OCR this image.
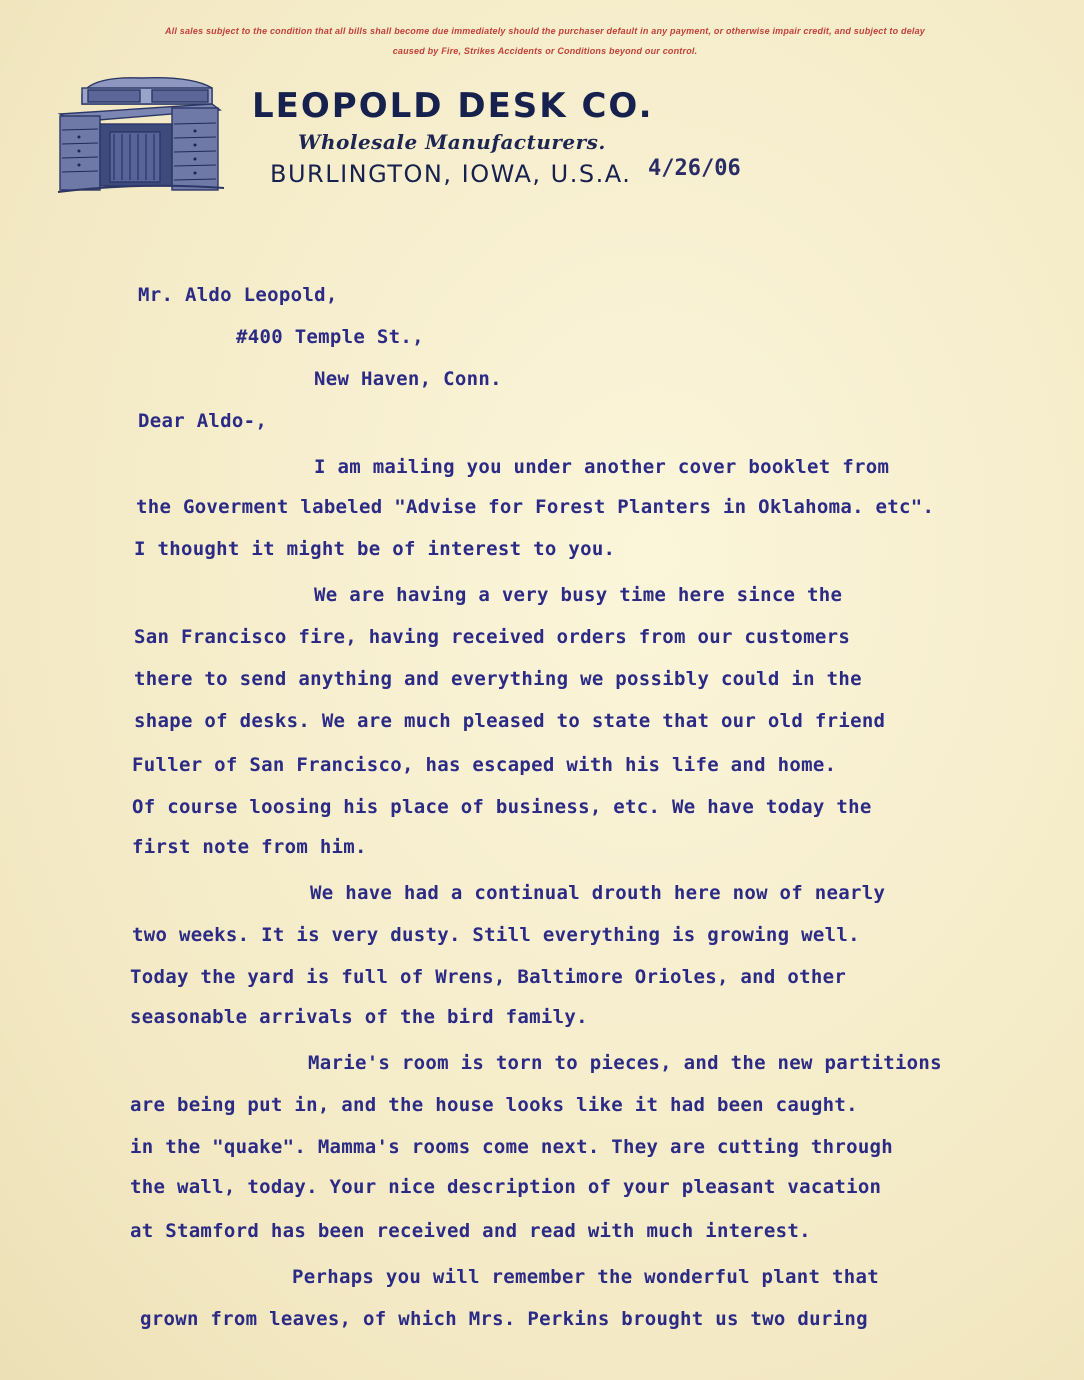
All sales subject to the condition that all bills shall become due immediately should the purchaser default in any payment, or otherwise impair credit, and subject to delay
caused by Fire, Strikes Accidents or Conditions beyond our control.
LEOPOLD DESK CO.
Wholesale Manufacturers.
BURLINGTON, IOWA, U.S.A. 4/26/06
Mr. Aldo Leopold,
#400 Temple St.,
New Haven, Conn.
Dear Aldo-,
I am mailing you under another cover booklet from
the Goverment labeled "Advise for Forest Planters in Oklahoma. etc".
I thought it might be of interest to you.
We are having a very busy time here since the
San Francisco fire, having received orders from our customers
there to send anything and everything we possibly could in the
shape of desks. We are much pleased to state that our old friend
Fuller of San Francisco, has escaped with his life and home.
Of course loosing his place of business, etc. We have today the
first note from him.
We have had a continual drouth here now of nearly
two weeks. It is very dusty. Still everything is growing well.
Today the yard is full of Wrens, Baltimore Orioles, and other
seasonable arrivals of the bird family.
Marie's room is torn to pieces, and the new partitions
are being put in, and the house looks like it had been caught.
in the "quake". Mamma's rooms come next. They are cutting through
the wall, today. Your nice description of your pleasant vacation
at Stamford has been received and read with much interest.
Perhaps you will remember the wonderful plant that
grown from leaves, of which Mrs. Perkins brought us two during
